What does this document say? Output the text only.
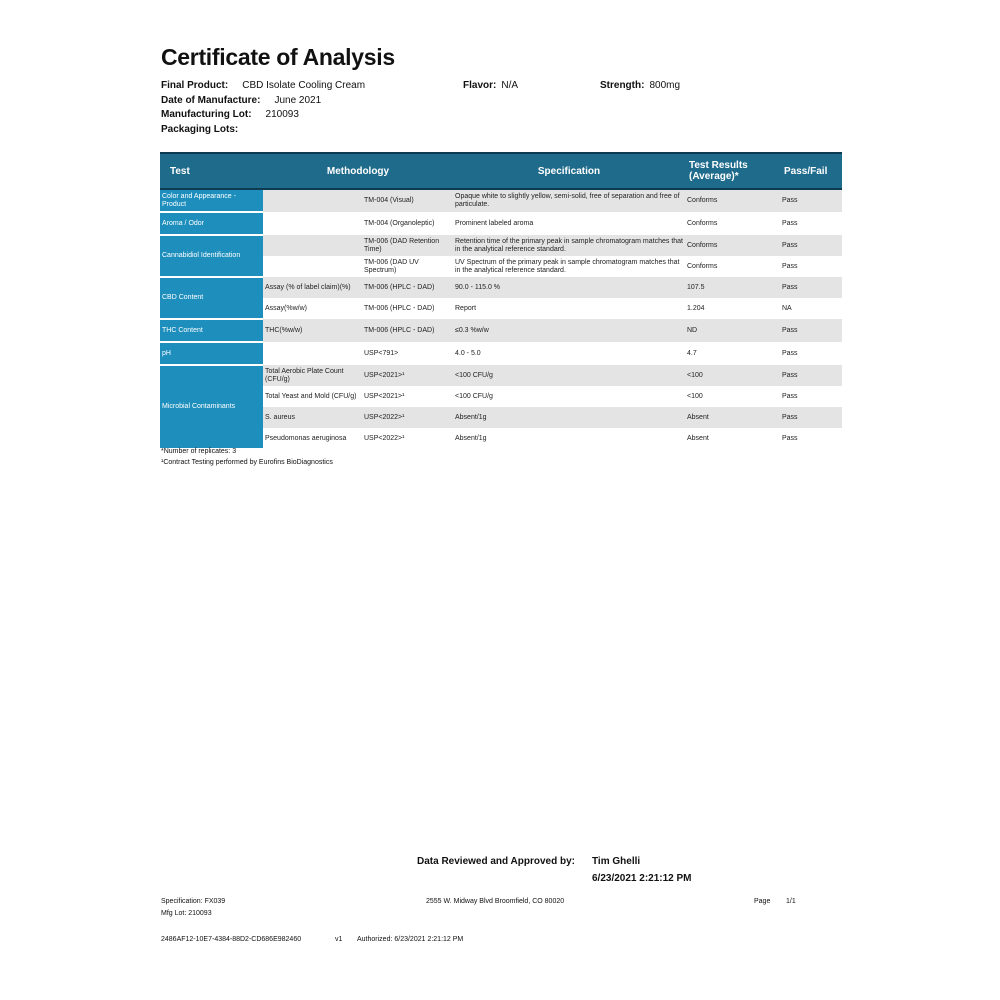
Certificate of Analysis
Final Product: CBD Isolate Cooling Cream	Flavor: N/A	Strength: 800mg
Date of Manufacture: June 2021
Manufacturing Lot: 210093
Packaging Lots:
Test	Methodology		Specification	Test Results (Average)*	Pass/Fail
Color and Appearance - Product		TM-004 (Visual)	Opaque white to slightly yellow, semi-solid, free of separation and free of particulate.	Conforms	Pass
Aroma / Odor		TM-004 (Organoleptic)	Prominent labeled aroma	Conforms	Pass
Cannabidiol Identification		TM-006 (DAD Retention Time)	Retention time of the primary peak in sample chromatogram matches that in the analytical reference standard.	Conforms	Pass
		TM-006 (DAD UV Spectrum)	UV Spectrum of the primary peak in sample chromatogram matches that in the analytical reference standard.	Conforms	Pass
CBD Content	Assay (% of label claim)(%)	TM-006 (HPLC - DAD)	90.0 - 115.0 %	107.5	Pass
	Assay(%w/w)	TM-006 (HPLC - DAD)	Report	1.204	NA
THC Content	THC(%w/w)	TM-006 (HPLC - DAD)	≤0.3 %w/w	ND	Pass
pH		USP<791>	4.0 - 5.0	4.7	Pass
Microbial Contaminants	Total Aerobic Plate Count (CFU/g)	USP<2021>¹	<100 CFU/g	<100	Pass
	Total Yeast and Mold (CFU/g)	USP<2021>¹	<100 CFU/g	<100	Pass
	S. aureus	USP<2022>¹	Absent/1g	Absent	Pass
	Pseudomonas aeruginosa	USP<2022>¹	Absent/1g	Absent	Pass
*Number of replicates: 3
¹Contract Testing performed by Eurofins BioDiagnostics
Data Reviewed and Approved by: Tim Ghelli
6/23/2021 2:21:12 PM
Specification: FX039
Mfg Lot: 210093
2555 W. Midway Blvd Broomfield, CO 80020	Page 1/1
2486AF12-10E7-4384-88D2-CD686E982460	v1 Authorized: 6/23/2021 2:21:12 PM
